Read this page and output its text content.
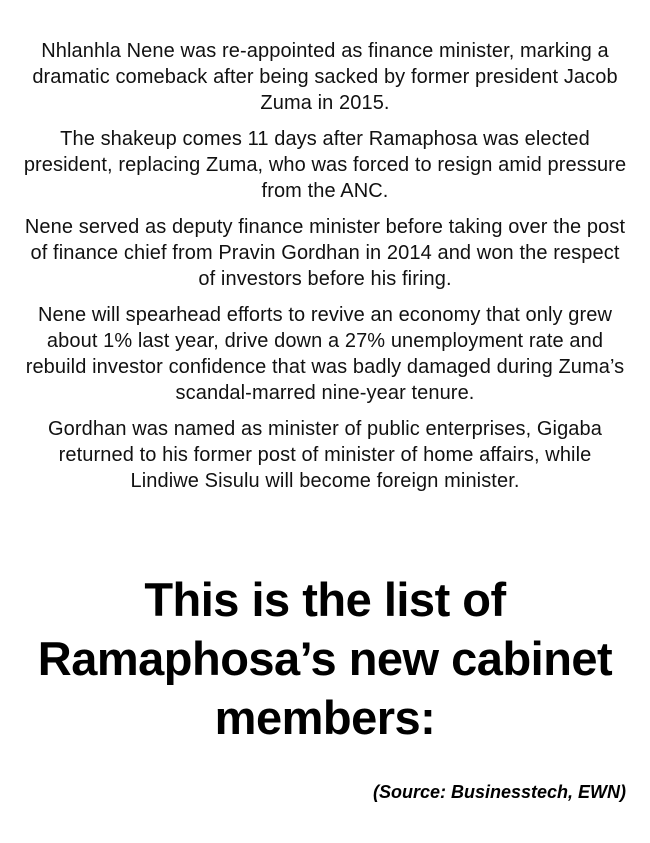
Nhlanhla Nene was re-appointed as finance minister, marking a dramatic comeback after being sacked by former president Jacob Zuma in 2015.

The shakeup comes 11 days after Ramaphosa was elected president, replacing Zuma, who was forced to resign amid pressure from the ANC.

Nene served as deputy finance minister before taking over the post of finance chief from Pravin Gordhan in 2014 and won the respect of investors before his firing.

Nene will spearhead efforts to revive an economy that only grew about 1% last year, drive down a 27% unemployment rate and rebuild investor confidence that was badly damaged during Zuma’s scandal-marred nine-year tenure.

Gordhan was named as minister of public enterprises, Gigaba returned to his former post of minister of home affairs, while Lindiwe Sisulu will become foreign minister.

This is the list of Ramaphosa’s new cabinet members:

(Source: Businesstech, EWN)
